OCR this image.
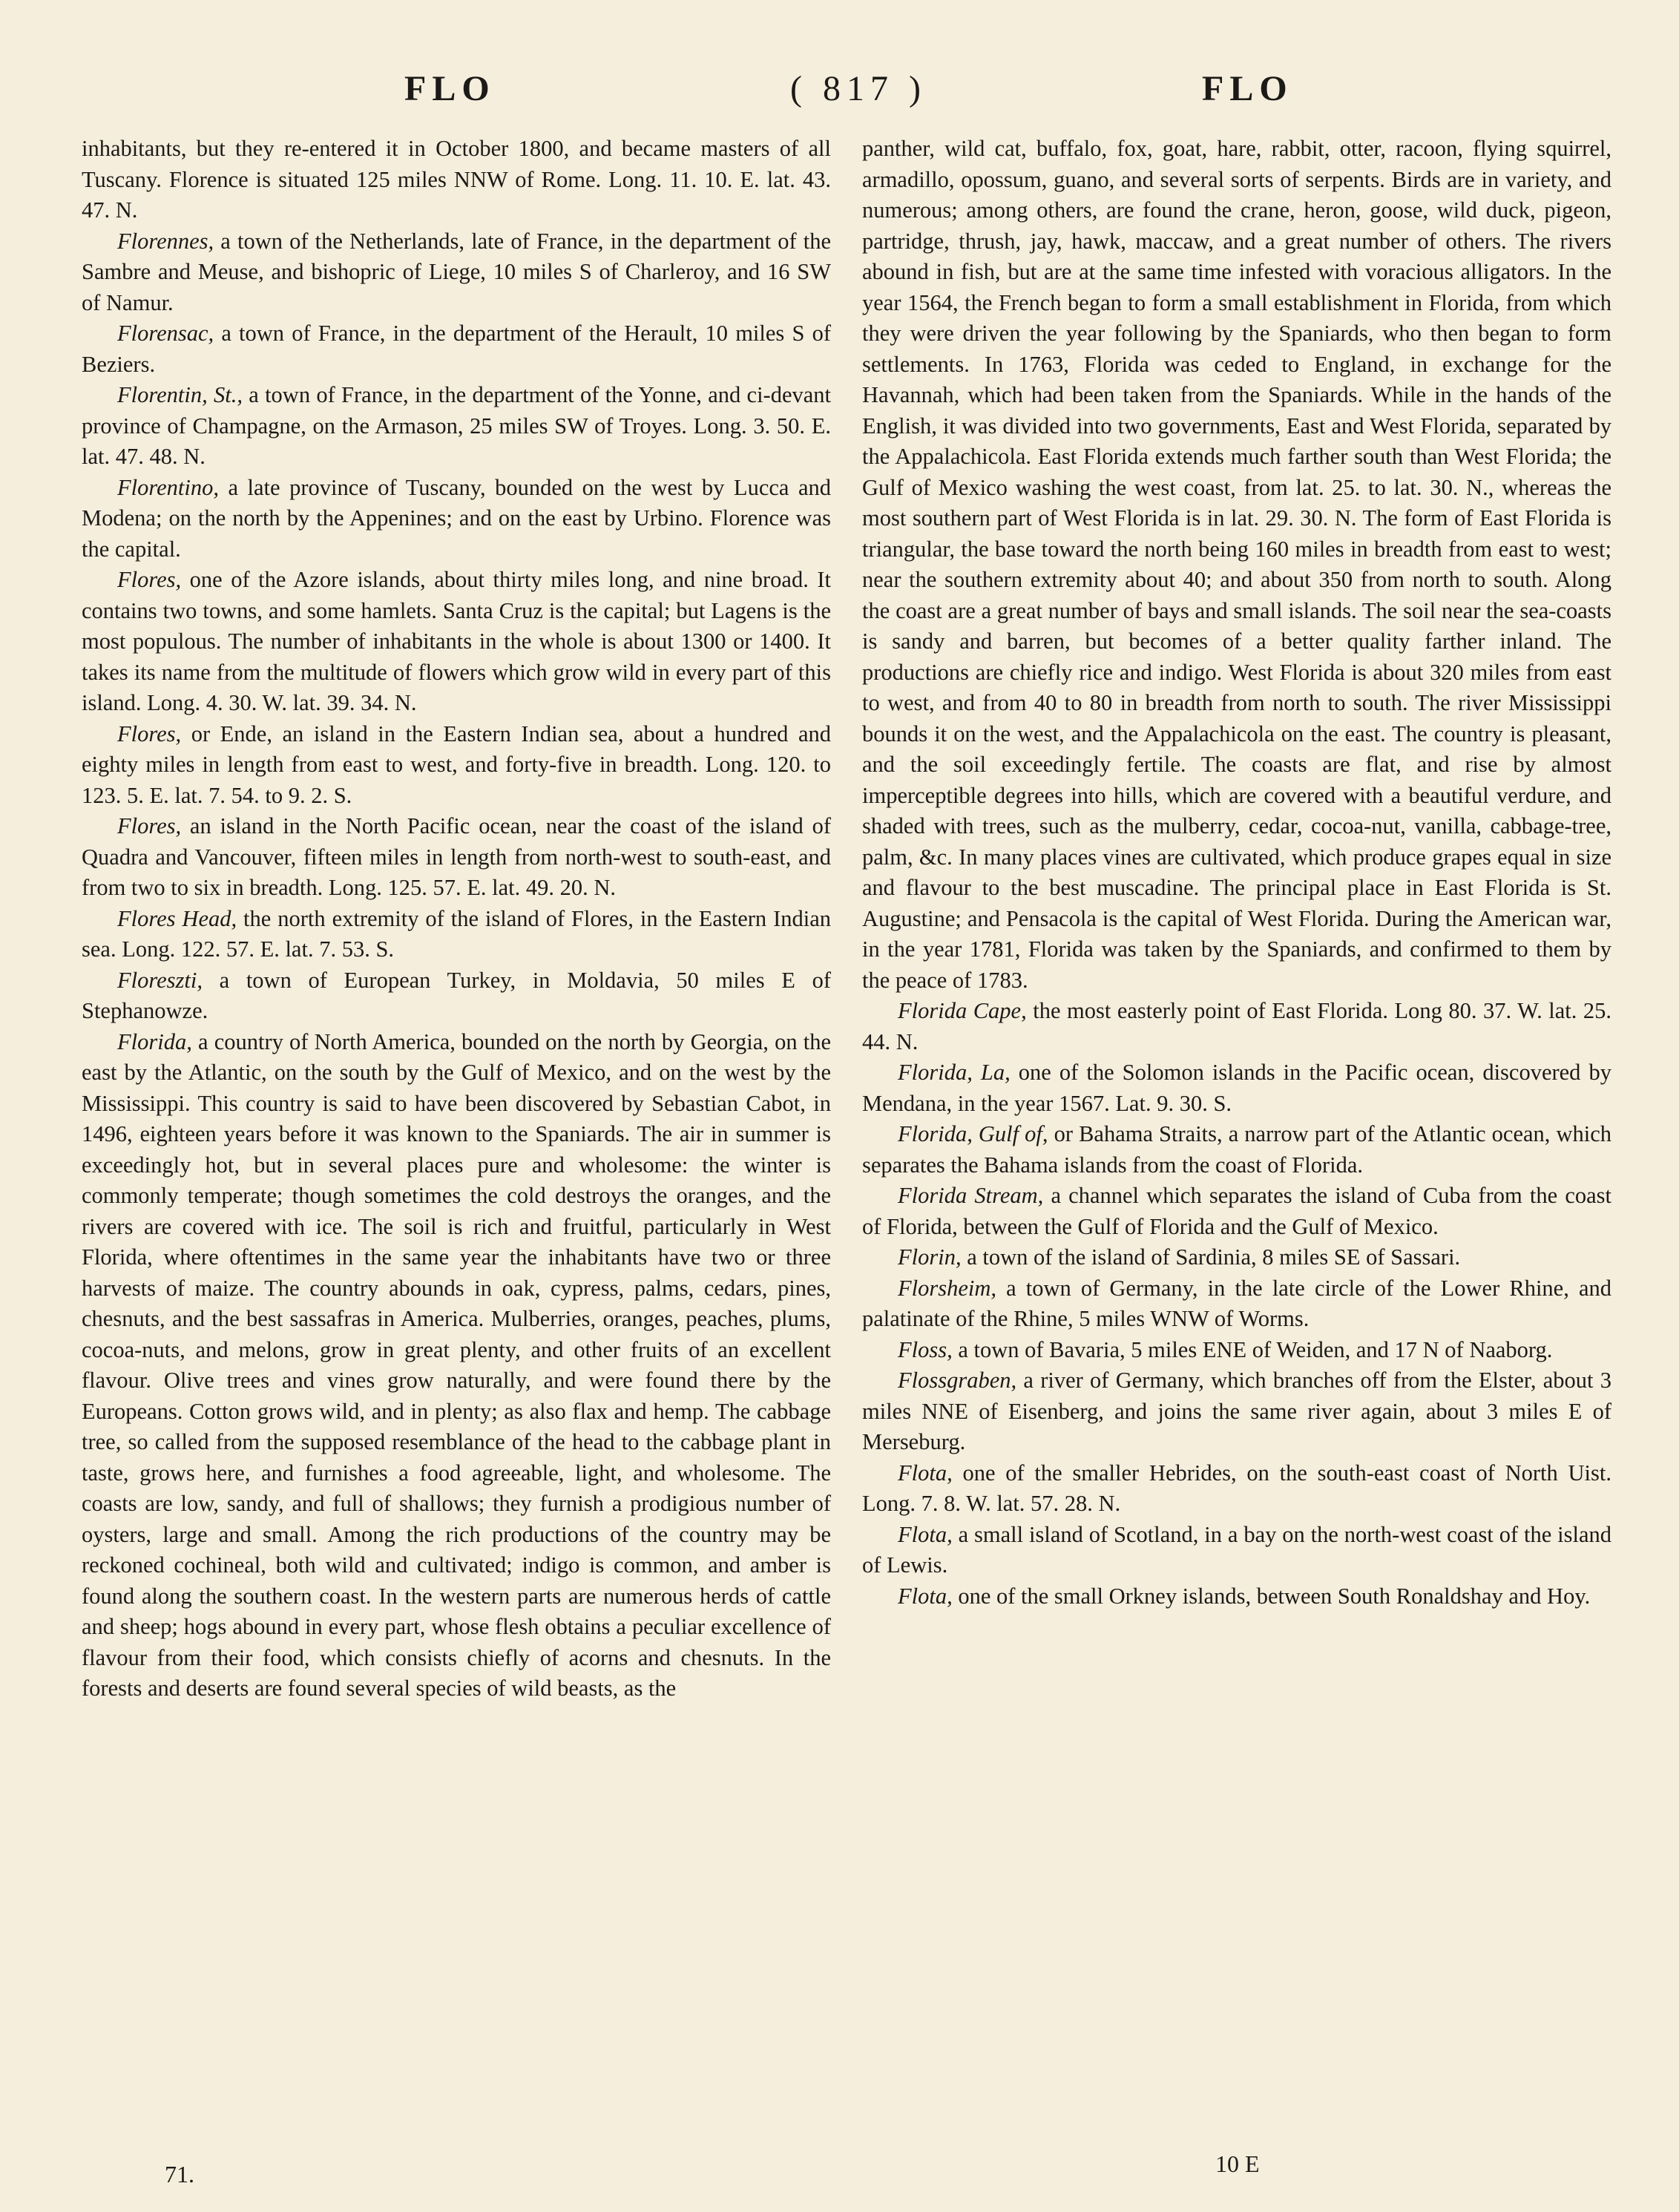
FLO	( 817 )	FLO

inhabitants, but they re-entered it in October 1800, and became masters of all Tuscany. Florence is situated 125 miles NNW of Rome. Long. 11. 10. E. lat. 43. 47. N.

Florennes, a town of the Netherlands, late of France, in the department of the Sambre and Meuse, and bishopric of Liege, 10 miles S of Charleroy, and 16 SW of Namur.

Florensac, a town of France, in the department of the Herault, 10 miles S of Beziers.

Florentin, St., a town of France, in the department of the Yonne, and ci-devant province of Champagne, on the Armason, 25 miles SW of Troyes. Long. 3. 50. E. lat. 47. 48. N.

Florentino, a late province of Tuscany, bounded on the west by Lucca and Modena; on the north by the Appenines; and on the east by Urbino. Florence was the capital.

Flores, one of the Azore islands, about thirty miles long, and nine broad. It contains two towns, and some hamlets. Santa Cruz is the capital; but Lagens is the most populous. The number of inhabitants in the whole is about 1300 or 1400. It takes its name from the multitude of flowers which grow wild in every part of this island. Long. 4. 30. W. lat. 39. 34. N.

Flores, or Ende, an island in the Eastern Indian sea, about a hundred and eighty miles in length from east to west, and forty-five in breadth. Long. 120. to 123. 5. E. lat. 7. 54. to 9. 2. S.

Flores, an island in the North Pacific ocean, near the coast of the island of Quadra and Vancouver, fifteen miles in length from north-west to south-east, and from two to six in breadth. Long. 125. 57. E. lat. 49. 20. N.

Flores Head, the north extremity of the island of Flores, in the Eastern Indian sea. Long. 122. 57. E. lat. 7. 53. S.

Floreszti, a town of European Turkey, in Moldavia, 50 miles E of Stephanowze.

Florida, a country of North America, bounded on the north by Georgia, on the east by the Atlantic, on the south by the Gulf of Mexico, and on the west by the Mississippi. This country is said to have been discovered by Sebastian Cabot, in 1496, eighteen years before it was known to the Spaniards. The air in summer is exceedingly hot, but in several places pure and wholesome: the winter is commonly temperate; though sometimes the cold destroys the oranges, and the rivers are covered with ice. The soil is rich and fruitful, particularly in West Florida, where oftentimes in the same year the inhabitants have two or three harvests of maize. The country abounds in oak, cypress, palms, cedars, pines, chesnuts, and the best sassafras in America. Mulberries, oranges, peaches, plums, cocoa-nuts, and melons, grow in great plenty, and other fruits of an excellent flavour. Olive trees and vines grow naturally, and were found there by the Europeans. Cotton grows wild, and in plenty; as also flax and hemp. The cabbage tree, so called from the supposed resemblance of the head to the cabbage plant in taste, grows here, and furnishes a food agreeable, light, and wholesome. The coasts are low, sandy, and full of shallows; they furnish a prodigious number of oysters, large and small. Among the rich productions of the country may be reckoned cochineal, both wild and cultivated; indigo is common, and amber is found along the southern coast. In the western parts are numerous herds of cattle and sheep; hogs abound in every part, whose flesh obtains a peculiar excellence of flavour from their food, which consists chiefly of acorns and chesnuts. In the forests and deserts are found several species of wild beasts, as the

panther, wild cat, buffalo, fox, goat, hare, rabbit, otter, racoon, flying squirrel, armadillo, opossum, guano, and several sorts of serpents. Birds are in variety, and numerous; among others, are found the crane, heron, goose, wild duck, pigeon, partridge, thrush, jay, hawk, maccaw, and a great number of others. The rivers abound in fish, but are at the same time infested with voracious alligators. In the year 1564, the French began to form a small establishment in Florida, from which they were driven the year following by the Spaniards, who then began to form settlements. In 1763, Florida was ceded to England, in exchange for the Havannah, which had been taken from the Spaniards. While in the hands of the English, it was divided into two governments, East and West Florida, separated by the Appalachicola. East Florida extends much farther south than West Florida; the Gulf of Mexico washing the west coast, from lat. 25. to lat. 30. N., whereas the most southern part of West Florida is in lat. 29. 30. N. The form of East Florida is triangular, the base toward the north being 160 miles in breadth from east to west; near the southern extremity about 40; and about 350 from north to south. Along the coast are a great number of bays and small islands. The soil near the sea-coasts is sandy and barren, but becomes of a better quality farther inland. The productions are chiefly rice and indigo. West Florida is about 320 miles from east to west, and from 40 to 80 in breadth from north to south. The river Mississippi bounds it on the west, and the Appalachicola on the east. The country is pleasant, and the soil exceedingly fertile. The coasts are flat, and rise by almost imperceptible degrees into hills, which are covered with a beautiful verdure, and shaded with trees, such as the mulberry, cedar, cocoa-nut, vanilla, cabbage-tree, palm, &c. In many places vines are cultivated, which produce grapes equal in size and flavour to the best muscadine. The principal place in East Florida is St. Augustine; and Pensacola is the capital of West Florida. During the American war, in the year 1781, Florida was taken by the Spaniards, and confirmed to them by the peace of 1783.

Florida Cape, the most easterly point of East Florida. Long 80. 37. W. lat. 25. 44. N.

Florida, La, one of the Solomon islands in the Pacific ocean, discovered by Mendana, in the year 1567. Lat. 9. 30. S.

Florida, Gulf of, or Bahama Straits, a narrow part of the Atlantic ocean, which separates the Bahama islands from the coast of Florida.

Florida Stream, a channel which separates the island of Cuba from the coast of Florida, between the Gulf of Florida and the Gulf of Mexico.

Florin, a town of the island of Sardinia, 8 miles SE of Sassari.

Florsheim, a town of Germany, in the late circle of the Lower Rhine, and palatinate of the Rhine, 5 miles WNW of Worms.

Floss, a town of Bavaria, 5 miles ENE of Weiden, and 17 N of Naaborg.

Flossgraben, a river of Germany, which branches off from the Elster, about 3 miles NNE of Eisenberg, and joins the same river again, about 3 miles E of Merseburg.

Flota, one of the smaller Hebrides, on the south-east coast of North Uist. Long. 7. 8. W. lat. 57. 28. N.

Flota, a small island of Scotland, in a bay on the north-west coast of the island of Lewis.

Flota, one of the small Orkney islands, between South Ronaldshay and Hoy.

71.	10 E
